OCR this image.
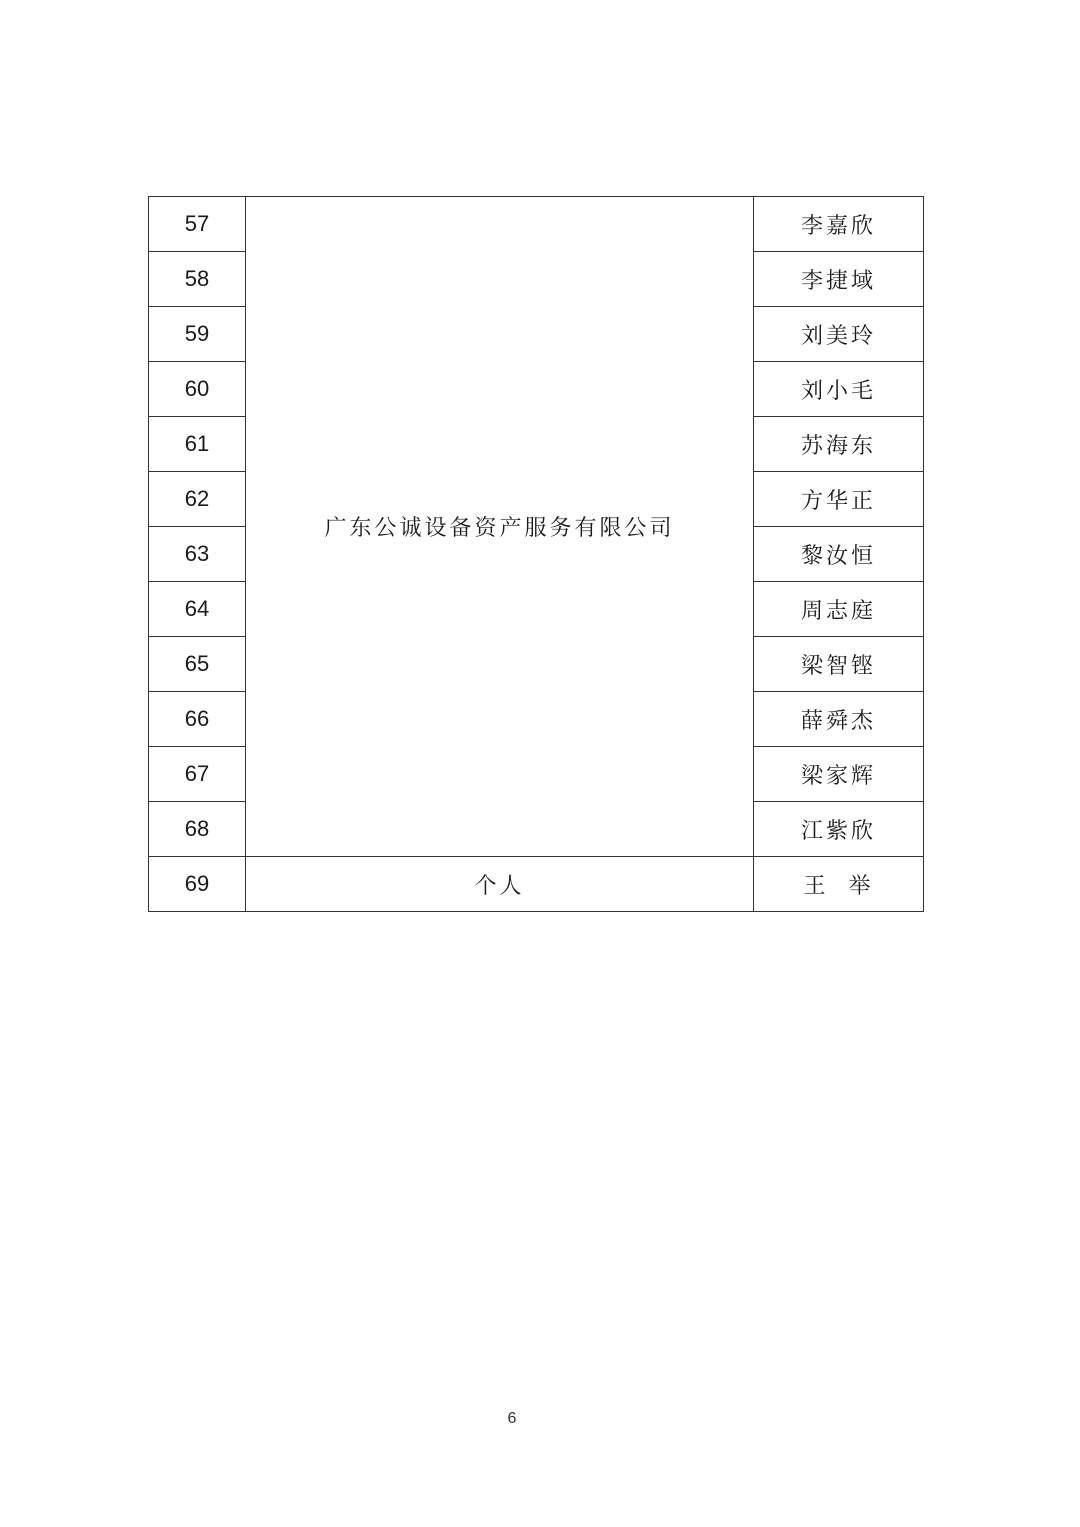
57	广东公诚设备资产服务有限公司	李嘉欣
58		李捷域
59		刘美玲
60		刘小毛
61		苏海东
62		方华正
63		黎汝恒
64		周志庭
65		梁智铿
66		薛舜杰
67		梁家辉
68		江紫欣
69	个人	王  举
6
